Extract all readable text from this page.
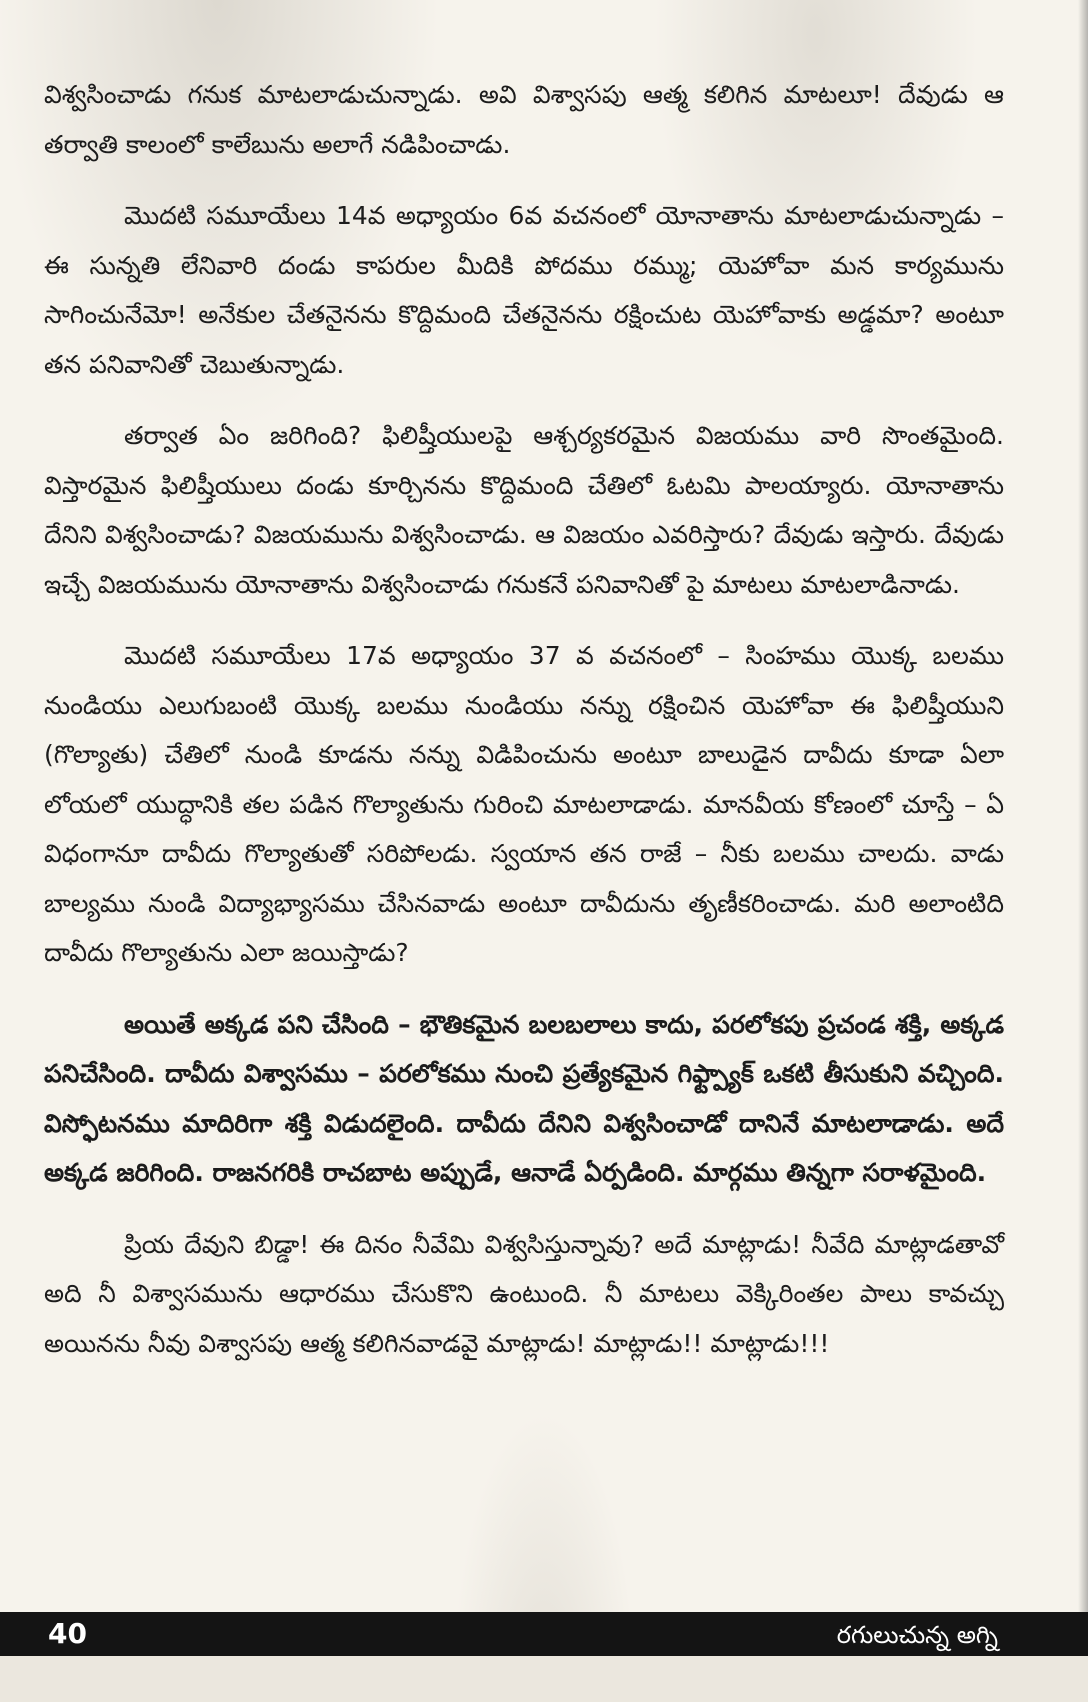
విశ్వసించాడు గనుక మాటలాడుచున్నాడు. అవి విశ్వాసపు ఆత్మ కలిగిన మాటలూ! దేవుడు ఆ తర్వాతి కాలంలో కాలేబును అలాగే నడిపించాడు.

మొదటి సమూయేలు 14వ అధ్యాయం 6వ వచనంలో యోనాతాను మాటలాడుచున్నాడు – ఈ సున్నతి లేనివారి దండు కాపరుల మీదికి పోదము రమ్ము; యెహోవా మన కార్యమును సాగించునేమో! అనేకుల చేతనైనను కొద్దిమంది చేతనైనను రక్షించుట యెహోవాకు అడ్డమా? అంటూ తన పనివానితో చెబుతున్నాడు.

తర్వాత ఏం జరిగింది? ఫిలిష్తీయులపై ఆశ్చర్యకరమైన విజయము వారి సొంతమైంది. విస్తారమైన ఫిలిష్తీయులు దండు కూర్చినను కొద్దిమంది చేతిలో ఓటమి పాలయ్యారు. యోనాతాను దేనిని విశ్వసించాడు? విజయమును విశ్వసించాడు. ఆ విజయం ఎవరిస్తారు? దేవుడు ఇస్తారు. దేవుడు ఇచ్చే విజయమును యోనాతాను విశ్వసించాడు గనుకనే పనివానితో పై మాటలు మాటలాడినాడు.

మొదటి సమూయేలు 17వ అధ్యాయం 37 వ వచనంలో – సింహము యొక్క బలము నుండియు ఎలుగుబంటి యొక్క బలము నుండియు నన్ను రక్షించిన యెహోవా ఈ ఫిలిష్తీయుని (గొల్యాతు) చేతిలో నుండి కూడను నన్ను విడిపించును అంటూ బాలుడైన దావీదు కూడా ఏలా లోయలో యుద్ధానికి తల పడిన గొల్యాతును గురించి మాటలాడాడు. మానవీయ కోణంలో చూస్తే – ఏ విధంగానూ దావీదు గొల్యాతుతో సరిపోలడు. స్వయాన తన రాజే – నీకు బలము చాలదు. వాడు బాల్యము నుండి విద్యాభ్యాసము చేసినవాడు అంటూ దావీదును తృణీకరించాడు. మరి అలాంటిది దావీదు గొల్యాతును ఎలా జయిస్తాడు?

అయితే అక్కడ పని చేసింది – భౌతికమైన బలబలాలు కాదు, పరలోకపు ప్రచండ శక్తి, అక్కడ పనిచేసింది. దావీదు విశ్వాసము – పరలోకము నుంచి ప్రత్యేకమైన గిఫ్ట్ప్యాక్ ఒకటి తీసుకుని వచ్చింది. విస్ఫోటనము మాదిరిగా శక్తి విడుదలైంది. దావీదు దేనిని విశ్వసించాడో దానినే మాటలాడాడు. అదే అక్కడ జరిగింది. రాజనగరికి రాచబాట అప్పుడే, ఆనాడే ఏర్పడింది. మార్గము తిన్నగా సరాళమైంది.

ప్రియ దేవుని బిడ్డా! ఈ దినం నీవేమి విశ్వసిస్తున్నావు? అదే మాట్లాడు! నీవేది మాట్లాడతావో అది నీ విశ్వాసమును ఆధారము చేసుకొని ఉంటుంది. నీ మాటలు వెక్కిరింతల పాలు కావచ్చు అయినను నీవు విశ్వాసపు ఆత్మ కలిగినవాడవై మాట్లాడు! మాట్లాడు!! మాట్లాడు!!!

40	రగులుచున్న అగ్ని
